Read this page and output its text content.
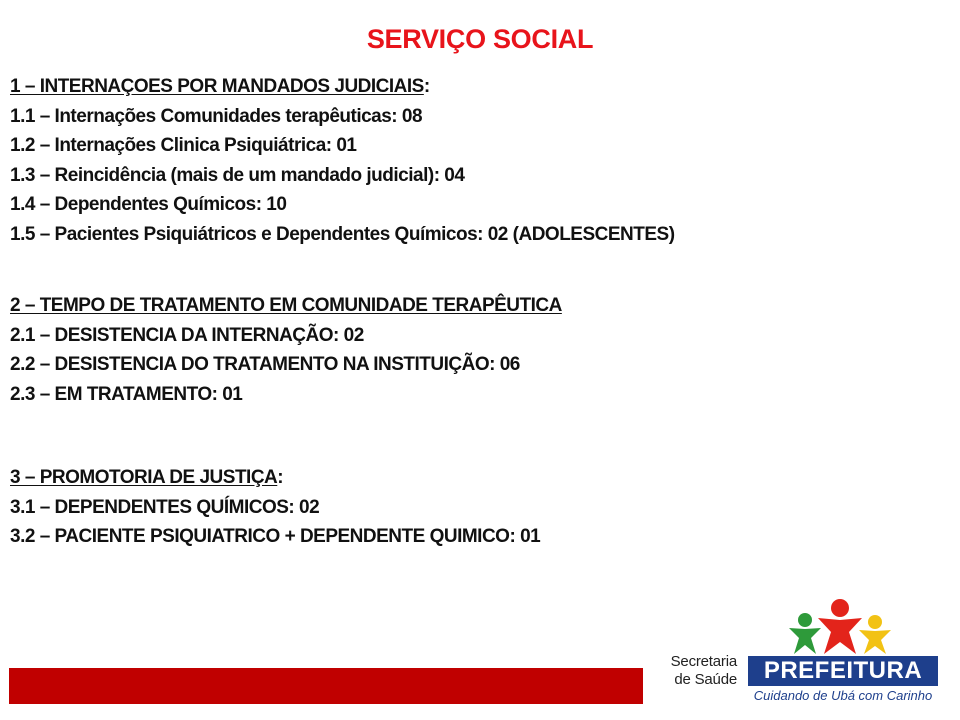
SERVIÇO SOCIAL
1 – INTERNAÇOES POR MANDADOS JUDICIAIS:
1.1 – Internações Comunidades terapêuticas: 08
1.2 – Internações Clinica Psiquiátrica: 01
1.3 – Reincidência (mais de um mandado judicial): 04
1.4 – Dependentes Químicos: 10
1.5 – Pacientes Psiquiátricos e Dependentes Químicos: 02 (ADOLESCENTES)
2 – TEMPO DE TRATAMENTO EM COMUNIDADE TERAPÊUTICA
2.1 – DESISTENCIA DA INTERNAÇÃO: 02
2.2 – DESISTENCIA DO TRATAMENTO NA INSTITUIÇÃO: 06
2.3 – EM TRATAMENTO: 01
3 – PROMOTORIA DE JUSTIÇA:
3.1 – DEPENDENTES QUÍMICOS: 02
3.2 – PACIENTE PSIQUIATRICO + DEPENDENTE QUIMICO: 01
Secretaria
de Saúde	PREFEITURA
Cuidando de Ubá com Carinho
